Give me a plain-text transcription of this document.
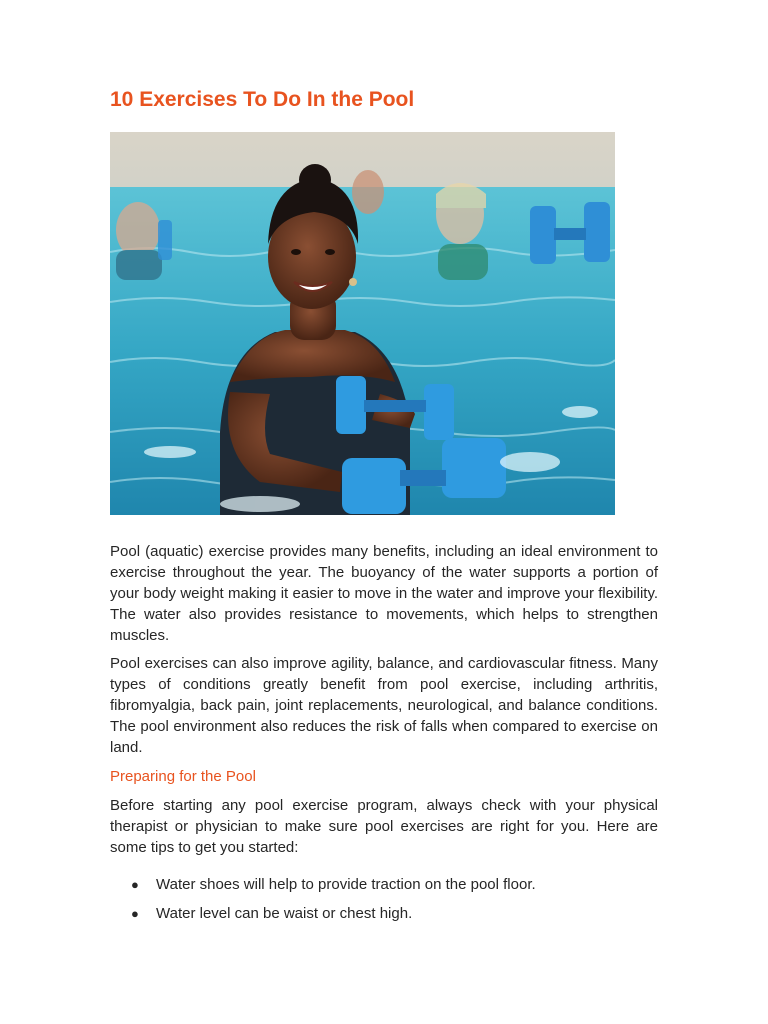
10 Exercises To Do In the Pool

Pool (aquatic) exercise provides many benefits, including an ideal environment to exercise throughout the year. The buoyancy of the water supports a portion of your body weight making it easier to move in the water and improve your flexibility. The water also provides resistance to movements, which helps to strengthen muscles.

Pool exercises can also improve agility, balance, and cardiovascular fitness. Many types of conditions greatly benefit from pool exercise, including arthritis, fibromyalgia, back pain, joint replacements, neurological, and balance conditions. The pool environment also reduces the risk of falls when compared to exercise on land.

Preparing for the Pool

Before starting any pool exercise program, always check with your physical therapist or physician to make sure pool exercises are right for you. Here are some tips to get you started:

● Water shoes will help to provide traction on the pool floor.
● Water level can be waist or chest high.
